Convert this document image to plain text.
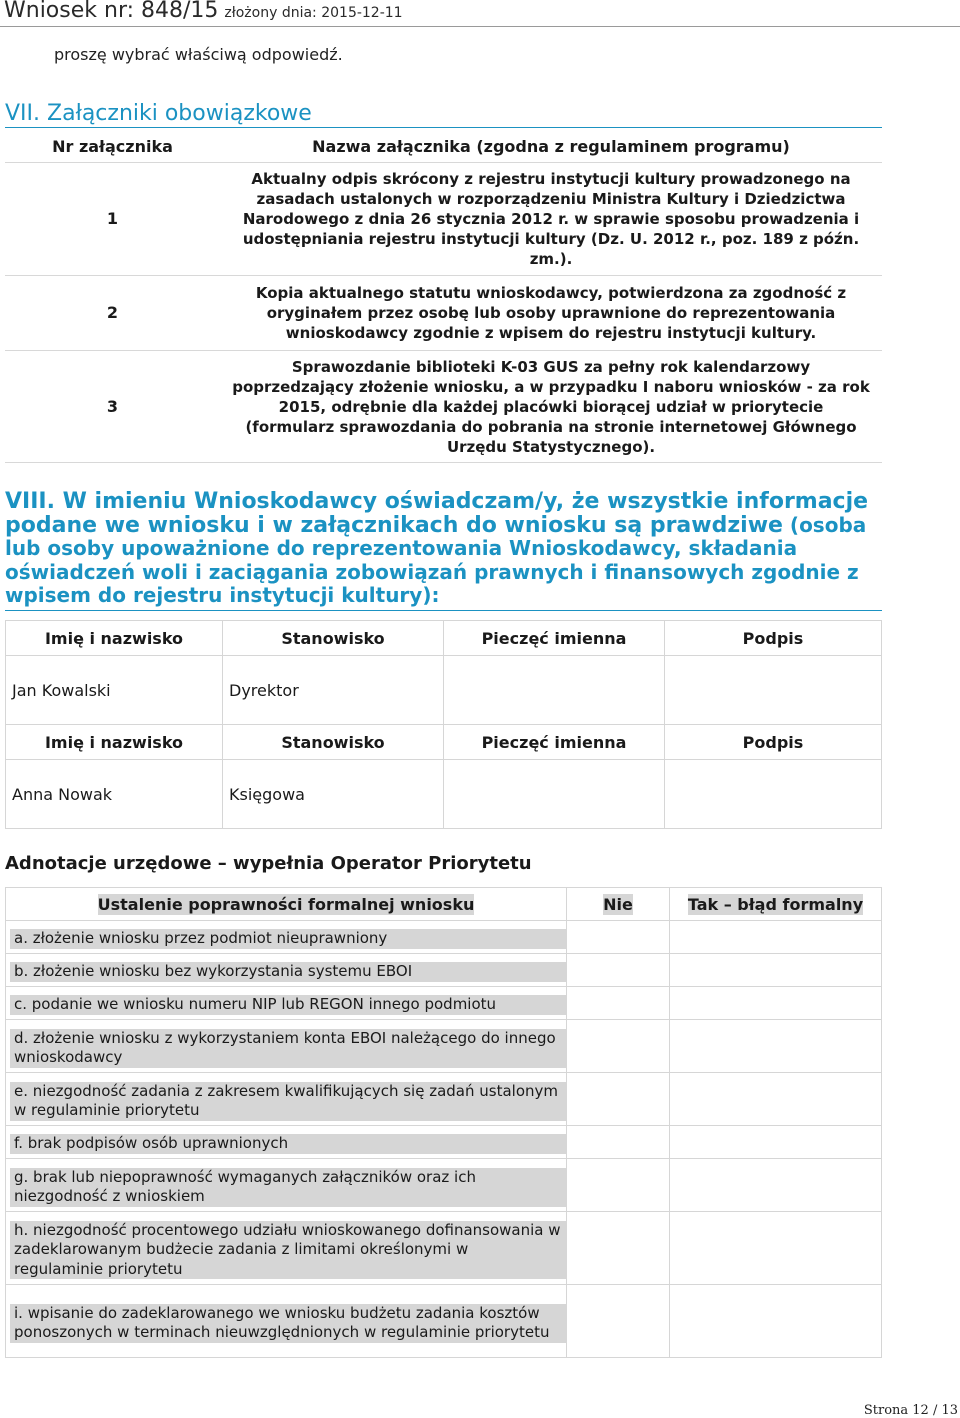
Wniosek nr: 848/15 złożony dnia: 2015-12-11
proszę wybrać właściwą odpowiedź.
VII. Załączniki obowiązkowe
Nr załącznika	Nazwa załącznika (zgodna z regulaminem programu)
1	Aktualny odpis skrócony z rejestru instytucji kultury prowadzonego na zasadach ustalonych w rozporządzeniu Ministra Kultury i Dziedzictwa Narodowego z dnia 26 stycznia 2012 r. w sprawie sposobu prowadzenia i udostępniania rejestru instytucji kultury (Dz. U. 2012 r., poz. 189 z późn. zm.).
2	Kopia aktualnego statutu wnioskodawcy, potwierdzona za zgodność z oryginałem przez osobę lub osoby uprawnione do reprezentowania wnioskodawcy zgodnie z wpisem do rejestru instytucji kultury.
3	Sprawozdanie biblioteki K-03 GUS za pełny rok kalendarzowy poprzedzający złożenie wniosku, a w przypadku I naboru wniosków - za rok 2015, odrębnie dla każdej placówki biorącej udział w priorytecie (formularz sprawozdania do pobrania na stronie internetowej Głównego Urzędu Statystycznego).
VIII. W imieniu Wnioskodawcy oświadczam/y, że wszystkie informacje podane we wniosku i w załącznikach do wniosku są prawdziwe (osoba lub osoby upoważnione do reprezentowania Wnioskodawcy, składania oświadczeń woli i zaciągania zobowiązań prawnych i finansowych zgodnie z wpisem do rejestru instytucji kultury):
Imię i nazwisko	Stanowisko	Pieczęć imienna	Podpis
Jan Kowalski	Dyrektor		
Imię i nazwisko	Stanowisko	Pieczęć imienna	Podpis
Anna Nowak	Księgowa		
Adnotacje urzędowe – wypełnia Operator Priorytetu
Ustalenie poprawności formalnej wniosku	Nie	Tak – błąd formalny

a. złożenie wniosku przez podmiot nieuprawniony		

b. złożenie wniosku bez wykorzystania systemu EBOI		

c. podanie we wniosku numeru NIP lub REGON innego podmiotu		

d. złożenie wniosku z wykorzystaniem konta EBOI należącego do innego wnioskodawcy		

e. niezgodność zadania z zakresem kwalifikujących się zadań ustalonym w regulaminie priorytetu		

f. brak podpisów osób uprawnionych		

g. brak lub niepoprawność wymaganych załączników oraz ich niezgodność z wnioskiem		

h. niezgodność procentowego udziału wnioskowanego dofinansowania w zadeklarowanym budżecie zadania z limitami określonymi w regulaminie priorytetu		

i. wpisanie do zadeklarowanego we wniosku budżetu zadania kosztów ponoszonych w terminach nieuwzględnionych w regulaminie priorytetu		

Strona 12 / 13
